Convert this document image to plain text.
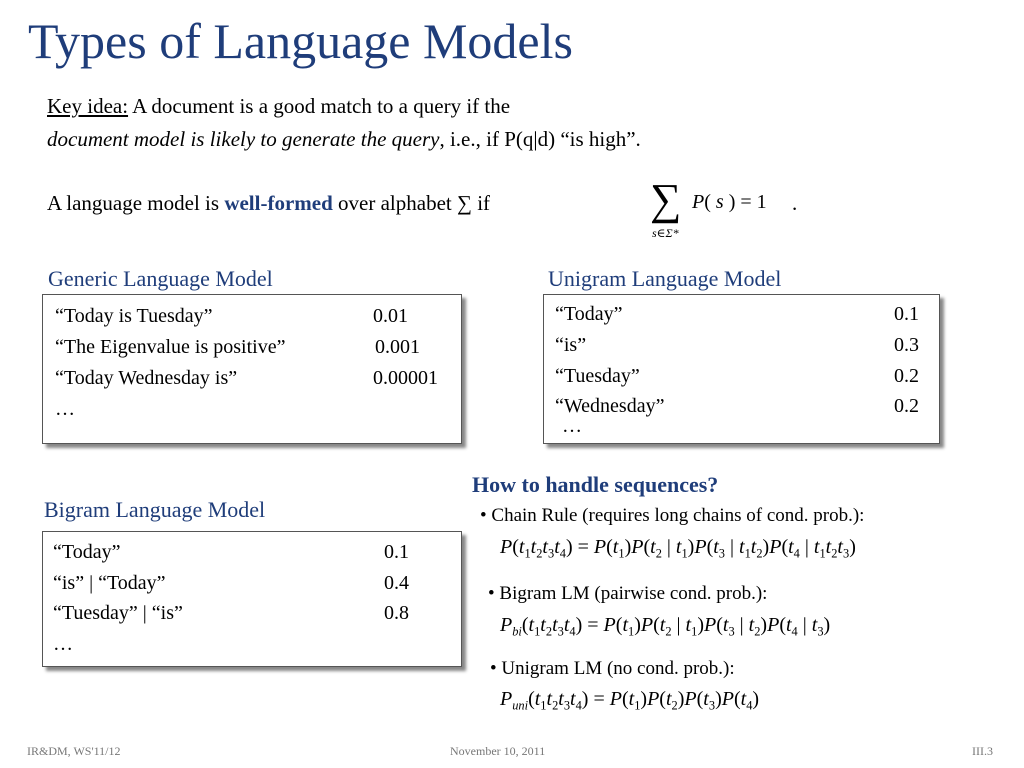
Types of Language Models
Key idea: A document is a good match to a query if the
document model is likely to generate the query, i.e., if P(q|d) “is high”.
A language model is well-formed over alphabet ∑ if	∑
s∈Σ*
P( s ) = 1 .
Generic Language Model
“Today is Tuesday”	0.01
“The Eigenvalue is positive”	0.001
“Today Wednesday is”	0.00001
…
Unigram Language Model
“Today”	0.1
“is”	0.3
“Tuesday”	0.2
“Wednesday”	0.2
…
Bigram Language Model
“Today”	0.1
“is” | “Today”	0.4
“Tuesday” | “is”	0.8
…
How to handle sequences?
• Chain Rule (requires long chains of cond. prob.):
$P(t_1t_2t_3t_4) = P(t_1)P(t_2$ | $t_1)P(t_3$ | $t_1t_2)P(t_4$ | $t_1t_2t_3$)
• Bigram LM (pairwise cond. prob.):
$P_{bi}(t_1t_2t_3t_4) = P(t_1)P(t_2$ | $t_1)P(t_3$ | $t_2)P(t_4$ | $t_3$)
• Unigram LM (no cond. prob.):
$P_{uni}(t_1t_2t_3t_4) = P(t_1)P(t_2)P(t_3)P(t_4)$
IR&DM, WS'11/12	November 10, 2011	III.3
